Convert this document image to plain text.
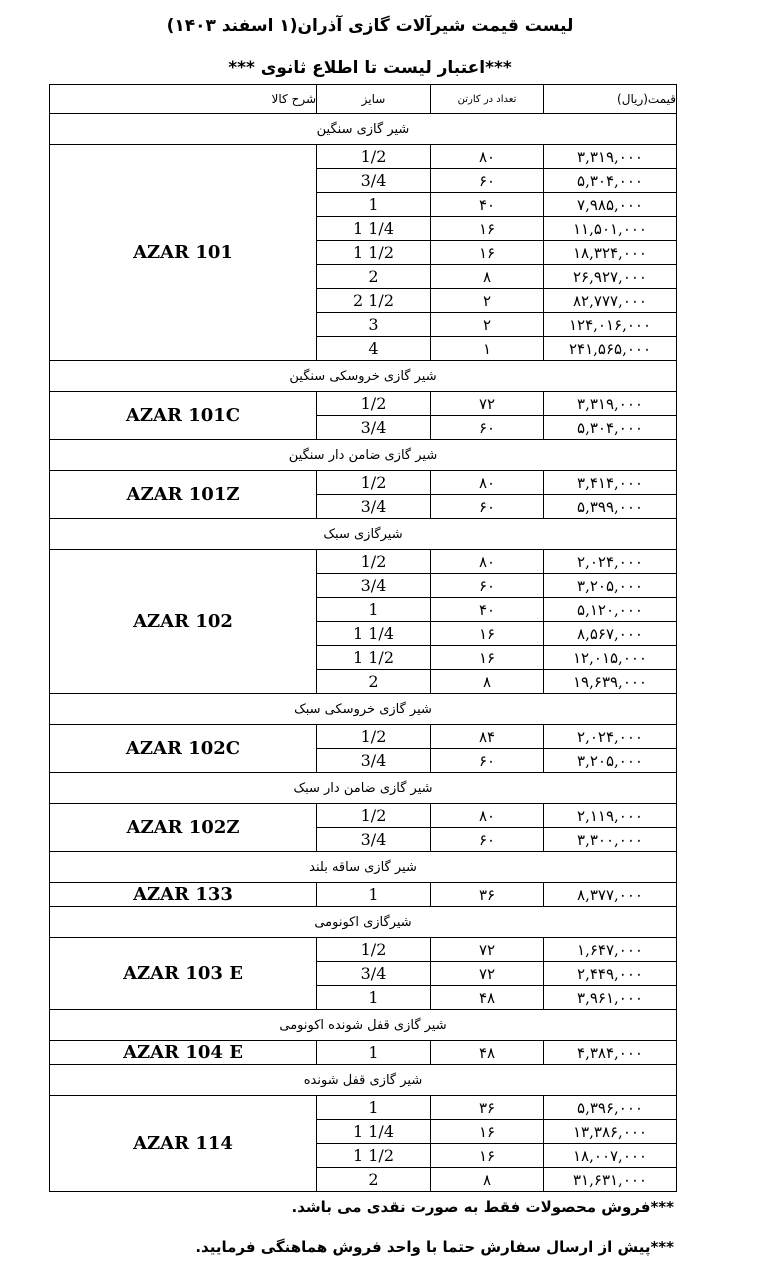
لیست قیمت شیرآلات گازی آذران(۱ اسفند ۱۴۰۳)
***اعتبار لیست تا اطلاع ثانوی ***
شرح کالا	سایز	تعداد در کارتن	قیمت(ریال)
شیر گازی سنگین			
AZAR 101	1/2	۸۰	۳,۳۱۹,۰۰۰
	3/4	۶۰	۵,۳۰۴,۰۰۰
	1	۴۰	۷,۹۸۵,۰۰۰
	1 1/4	۱۶	۱۱,۵۰۱,۰۰۰
	1 1/2	۱۶	۱۸,۳۲۴,۰۰۰
	2	۸	۲۶,۹۲۷,۰۰۰
	2 1/2	۲	۸۲,۷۷۷,۰۰۰
	3	۲	۱۲۴,۰۱۶,۰۰۰
	4	۱	۲۴۱,۵۶۵,۰۰۰
شیر گازی خروسکی سنگین			
AZAR 101C	1/2	۷۲	۳,۳۱۹,۰۰۰
	3/4	۶۰	۵,۳۰۴,۰۰۰
شیر گازی ضامن دار سنگین			
AZAR 101Z	1/2	۸۰	۳,۴۱۴,۰۰۰
	3/4	۶۰	۵,۳۹۹,۰۰۰
شیرگازی سبک			
AZAR 102	1/2	۸۰	۲,۰۲۴,۰۰۰
	3/4	۶۰	۳,۲۰۵,۰۰۰
	1	۴۰	۵,۱۲۰,۰۰۰
	1 1/4	۱۶	۸,۵۶۷,۰۰۰
	1 1/2	۱۶	۱۲,۰۱۵,۰۰۰
	2	۸	۱۹,۶۳۹,۰۰۰
شیر گازی خروسکی سبک			
AZAR 102C	1/2	۸۴	۲,۰۲۴,۰۰۰
	3/4	۶۰	۳,۲۰۵,۰۰۰
شیر گازی ضامن دار سبک			
AZAR 102Z	1/2	۸۰	۲,۱۱۹,۰۰۰
	3/4	۶۰	۳,۳۰۰,۰۰۰
شیر گازی ساقه بلند			
AZAR 133	1	۳۶	۸,۳۷۷,۰۰۰
شیرگازی اکونومی			
AZAR 103 E	1/2	۷۲	۱,۶۴۷,۰۰۰
	3/4	۷۲	۲,۴۴۹,۰۰۰
	1	۴۸	۳,۹۶۱,۰۰۰
شیر گازی قفل شونده اکونومی			
AZAR 104 E	1	۴۸	۴,۳۸۴,۰۰۰
شیر گازی قفل شونده			
AZAR 114	1	۳۶	۵,۳۹۶,۰۰۰
	1 1/4	۱۶	۱۳,۳۸۶,۰۰۰
	1 1/2	۱۶	۱۸,۰۰۷,۰۰۰
	2	۸	۳۱,۶۳۱,۰۰۰
***فروش محصولات فقط به صورت نقدی می باشد.
***پیش از ارسال سفارش حتما با واحد فروش هماهنگی فرمایید.
